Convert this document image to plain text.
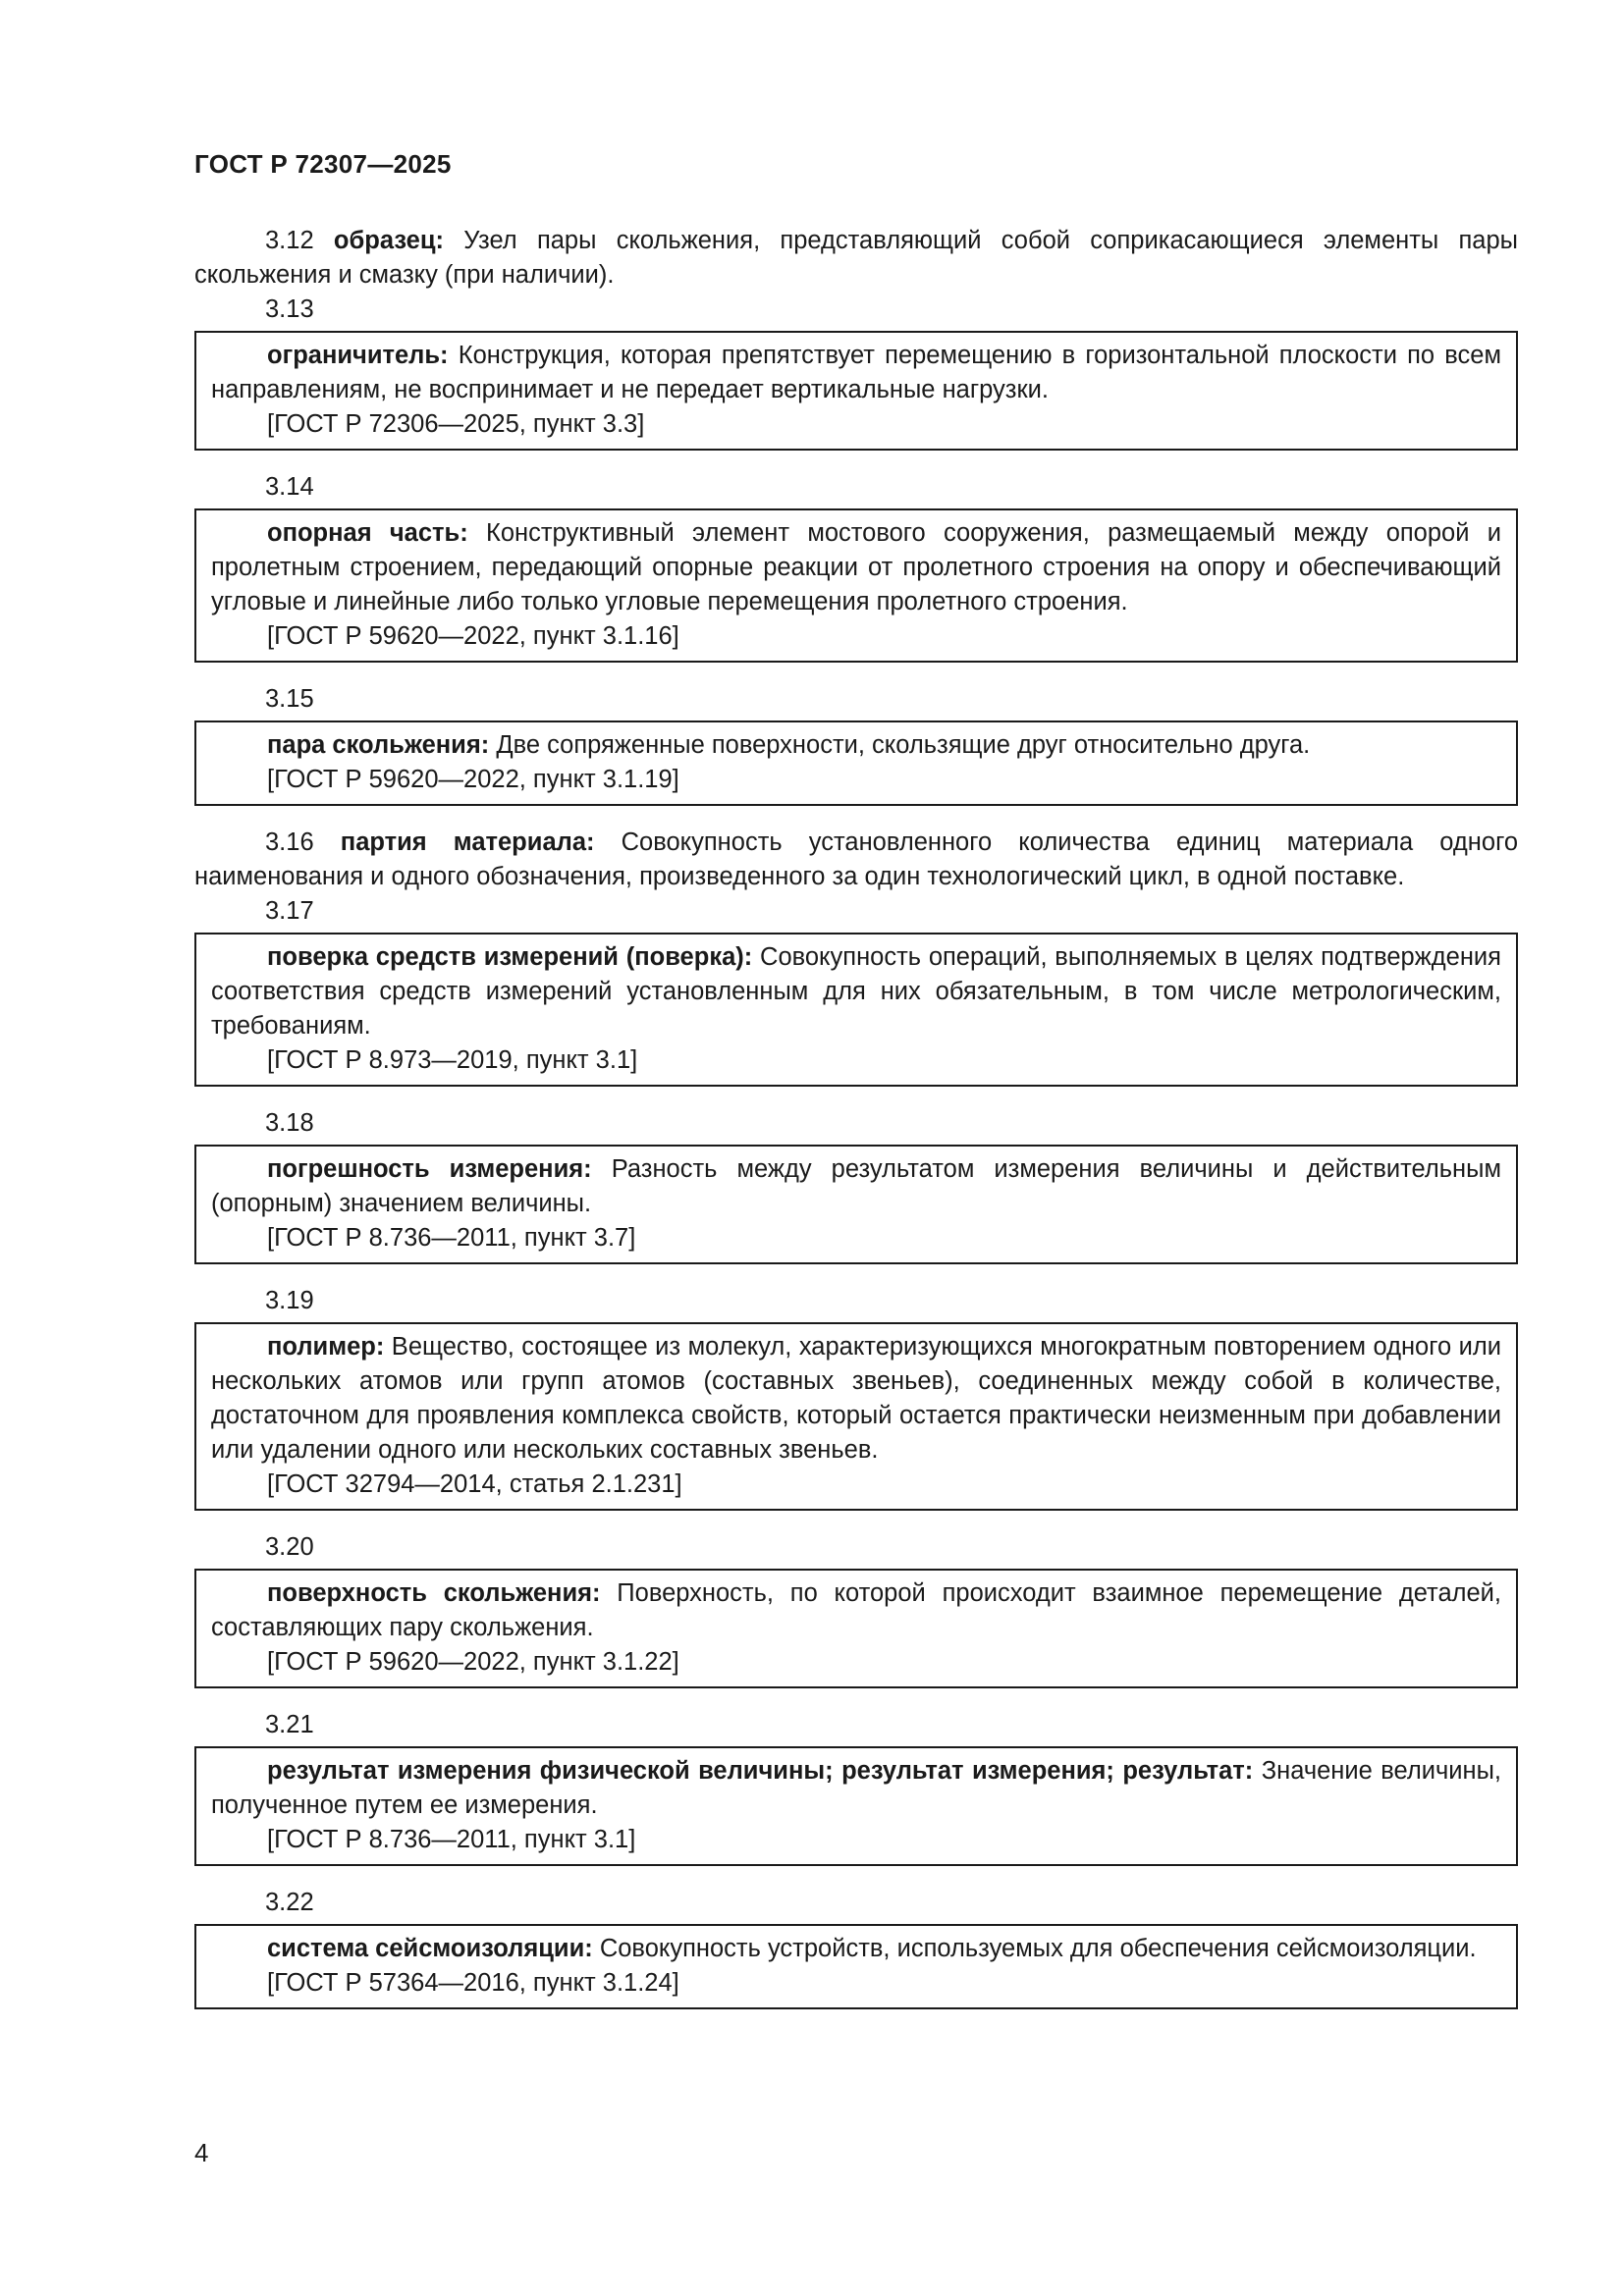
ГОСТ Р 72307—2025

3.12 образец: Узел пары скольжения, представляющий собой соприкасающиеся элементы пары скольжения и смазку (при наличии).

3.13

ограничитель: Конструкция, которая препятствует перемещению в горизонтальной плоскости по всем направлениям, не воспринимает и не передает вертикальные нагрузки.

[ГОСТ Р 72306—2025, пункт 3.3]

3.14

опорная часть: Конструктивный элемент мостового сооружения, размещаемый между опорой и пролетным строением, передающий опорные реакции от пролетного строения на опору и обеспечивающий угловые и линейные либо только угловые перемещения пролетного строения.

[ГОСТ Р 59620—2022, пункт 3.1.16]

3.15

пара скольжения: Две сопряженные поверхности, скользящие друг относительно друга.

[ГОСТ Р 59620—2022, пункт 3.1.19]

3.16 партия материала: Совокупность установленного количества единиц материала одного наименования и одного обозначения, произведенного за один технологический цикл, в одной поставке.

3.17

поверка средств измерений (поверка): Совокупность операций, выполняемых в целях подтверждения соответствия средств измерений установленным для них обязательным, в том числе метрологическим, требованиям.

[ГОСТ Р 8.973—2019, пункт 3.1]

3.18

погрешность измерения: Разность между результатом измерения величины и действительным (опорным) значением величины.

[ГОСТ Р 8.736—2011, пункт 3.7]

3.19

полимер: Вещество, состоящее из молекул, характеризующихся многократным повторением одного или нескольких атомов или групп атомов (составных звеньев), соединенных между собой в количестве, достаточном для проявления комплекса свойств, который остается практически неизменным при добавлении или удалении одного или нескольких составных звеньев.

[ГОСТ 32794—2014, статья 2.1.231]

3.20

поверхность скольжения: Поверхность, по которой происходит взаимное перемещение деталей, составляющих пару скольжения.

[ГОСТ Р 59620—2022, пункт 3.1.22]

3.21

результат измерения физической величины; результат измерения; результат: Значение величины, полученное путем ее измерения.

[ГОСТ Р 8.736—2011, пункт 3.1]

3.22

система сейсмоизоляции: Совокупность устройств, используемых для обеспечения сейсмоизоляции.

[ГОСТ Р 57364—2016, пункт 3.1.24]

4
